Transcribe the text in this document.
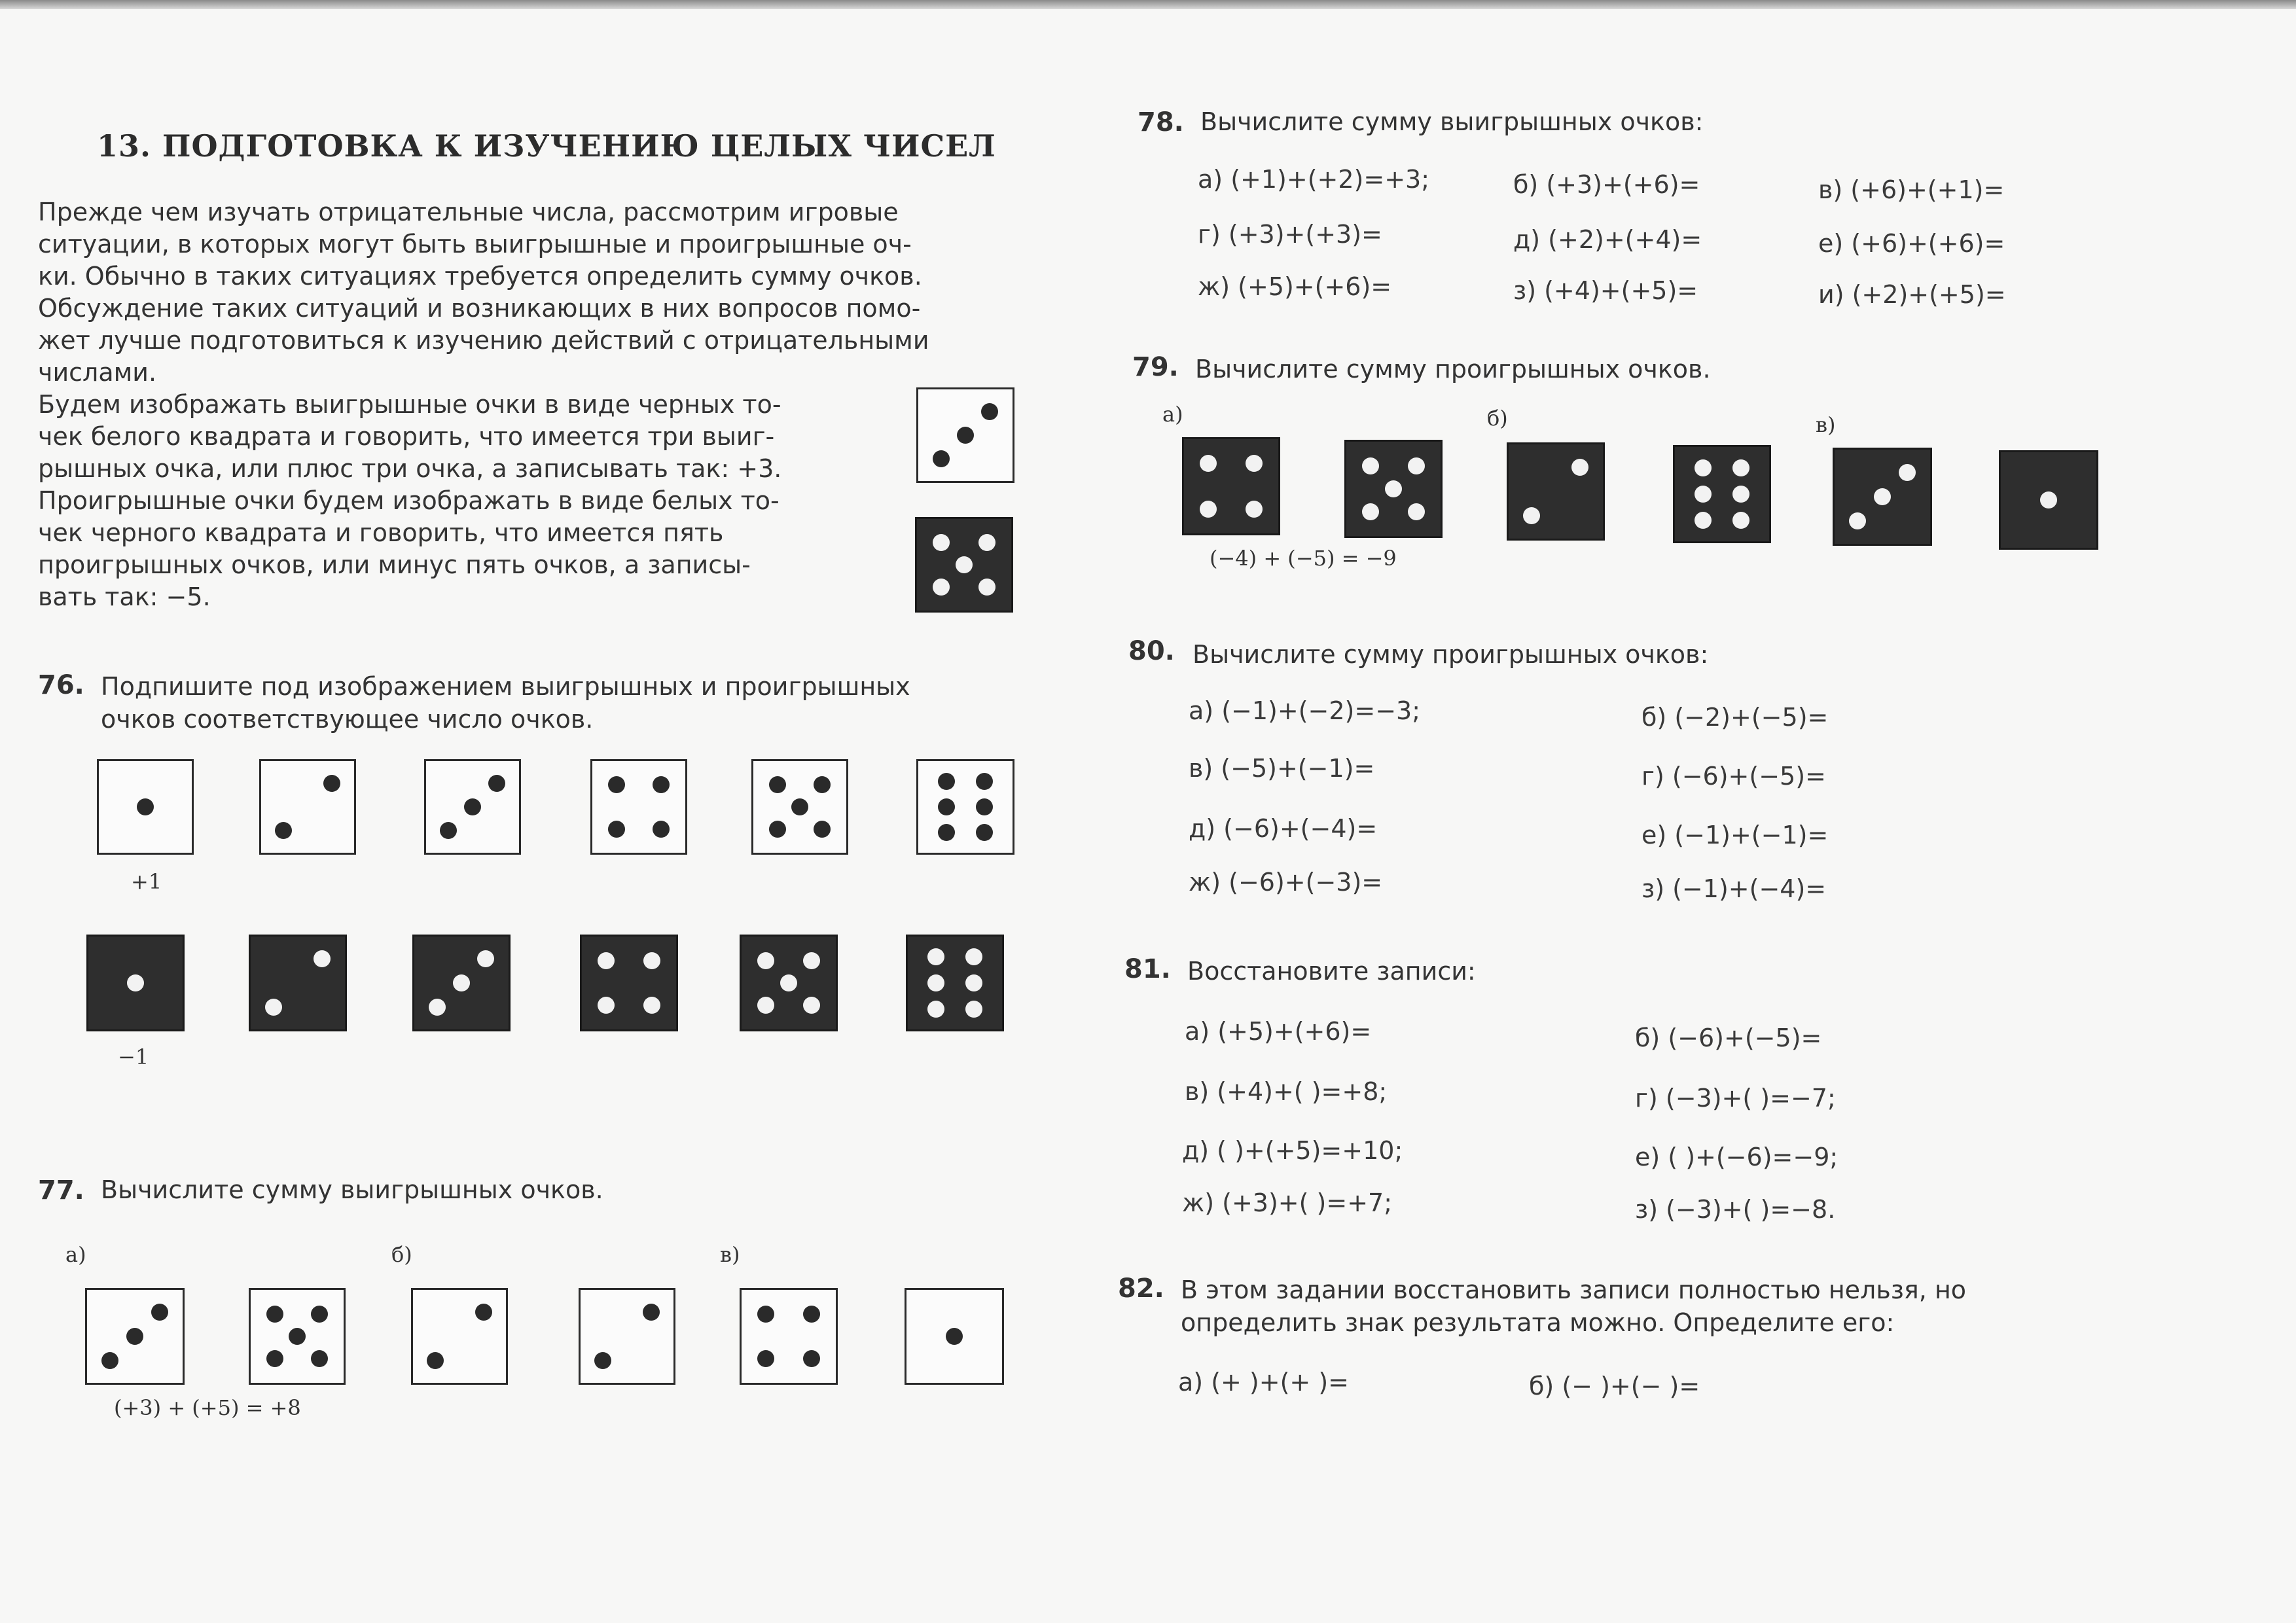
13. ПОДГОТОВКА К ИЗУЧЕНИЮ ЦЕЛЫХ ЧИСЕЛ
Прежде чем изучать отрицательные числа, рассмотрим игровые
ситуации, в которых могут быть выигрышные и проигрышные оч-
ки. Обычно в таких ситуациях требуется определить сумму очков.
Обсуждение таких ситуаций и возникающих в них вопросов помо-
жет лучше подготовиться к изучению действий с отрицательными
числами.
Будем изображать выигрышные очки в виде черных то-
чек белого квадрата и говорить, что имеется три выиг-
рышных очка, или плюс три очка, а записывать так: +3.
Проигрышные очки будем изображать в виде белых то-
чек черного квадрата и говорить, что имеется пять
проигрышных очков, или минус пять очков, а записы-
вать так: −5.
76. Подпишите под изображением выигрышных и проигрышных
очков соответствующее число очков.
+1
−1
77. Вычислите сумму выигрышных очков.
а)	б)	в)
(+3) + (+5) = +8
78. Вычислите сумму выигрышных очков:
а) (+1)+(+2)=+3;	б) (+3)+(+6)=	в) (+6)+(+1)=
г) (+3)+(+3)=	д) (+2)+(+4)=	е) (+6)+(+6)=
ж) (+5)+(+6)=	з) (+4)+(+5)=	и) (+2)+(+5)=
79. Вычислите сумму проигрышных очков.
а)	б)	в)
(−4) + (−5) = −9
80. Вычислите сумму проигрышных очков:
а) (−1)+(−2)=−3;	б) (−2)+(−5)=
в) (−5)+(−1)=	г) (−6)+(−5)=
д) (−6)+(−4)=	е) (−1)+(−1)=
ж) (−6)+(−3)=	з) (−1)+(−4)=
81. Восстановите записи:
а) (+5)+(+6)=	б) (−6)+(−5)=
в) (+4)+( )=+8;	г) (−3)+( )=−7;
д) ( )+(+5)=+10;	е) ( )+(−6)=−9;
ж) (+3)+( )=+7;	з) (−3)+( )=−8.
82. В этом задании восстановить записи полностью нельзя, но
определить знак результата можно. Определите его:
а) (+ )+(+ )=	б) (− )+(− )=
